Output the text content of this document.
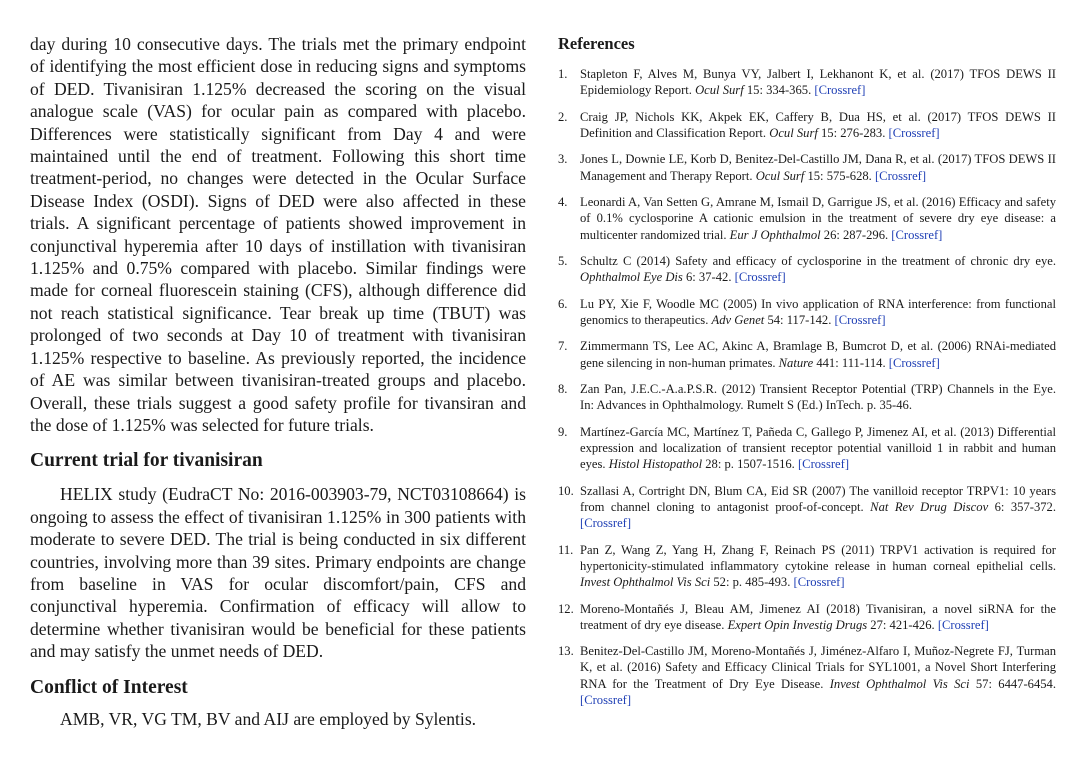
day during 10 consecutive days. The trials met the primary endpoint of identifying the most efficient dose in reducing signs and symptoms of DED. Tivanisiran 1.125% decreased the scoring on the visual analogue scale (VAS) for ocular pain as compared with placebo. Differences were statistically significant from Day 4 and were maintained until the end of treatment. Following this short time treatment-period, no changes were detected in the Ocular Surface Disease Index (OSDI). Signs of DED were also affected in these trials. A significant percentage of patients showed improvement in conjunctival hyperemia after 10 days of instillation with tivanisiran 1.125% and 0.75% compared with placebo. Similar findings were made for corneal fluorescein staining (CFS), although difference did not reach statistical significance. Tear break up time (TBUT) was prolonged of two seconds at Day 10 of treatment with tivanisiran 1.125% respective to baseline. As previously reported, the incidence of AE was similar between tivanisiran-treated groups and placebo. Overall, these trials suggest a good safety profile for tivansiran and the dose of 1.125% was selected for future trials.

Current trial for tivanisiran

HELIX study (EudraCT No: 2016-003903-79, NCT03108664) is ongoing to assess the effect of tivanisiran 1.125% in 300 patients with moderate to severe DED. The trial is being conducted in six different countries, involving more than 39 sites. Primary endpoints are change from baseline in VAS for ocular discomfort/pain, CFS and conjunctival hyperemia. Confirmation of efficacy will allow to determine whether tivanisiran would be beneficial for these patients and may satisfy the unmet needs of DED.

Conflict of Interest

AMB, VR, VG TM, BV and AIJ are employed by Sylentis.

References
1. Stapleton F, Alves M, Bunya VY, Jalbert I, Lekhanont K, et al. (2017) TFOS DEWS II Epidemiology Report. Ocul Surf 15: 334-365. [Crossref]
2. Craig JP, Nichols KK, Akpek EK, Caffery B, Dua HS, et al. (2017) TFOS DEWS II Definition and Classification Report. Ocul Surf 15: 276-283. [Crossref]
3. Jones L, Downie LE, Korb D, Benitez-Del-Castillo JM, Dana R, et al. (2017) TFOS DEWS II Management and Therapy Report. Ocul Surf 15: 575-628. [Crossref]
4. Leonardi A, Van Setten G, Amrane M, Ismail D, Garrigue JS, et al. (2016) Efficacy and safety of 0.1% cyclosporine A cationic emulsion in the treatment of severe dry eye disease: a multicenter randomized trial. Eur J Ophthalmol 26: 287-296. [Crossref]
5. Schultz C (2014) Safety and efficacy of cyclosporine in the treatment of chronic dry eye. Ophthalmol Eye Dis 6: 37-42. [Crossref]
6. Lu PY, Xie F, Woodle MC (2005) In vivo application of RNA interference: from functional genomics to therapeutics. Adv Genet 54: 117-142. [Crossref]
7. Zimmermann TS, Lee AC, Akinc A, Bramlage B, Bumcrot D, et al. (2006) RNAi-mediated gene silencing in non-human primates. Nature 441: 111-114. [Crossref]
8. Zan Pan, J.E.C.-A.a.P.S.R. (2012) Transient Receptor Potential (TRP) Channels in the Eye. In: Advances in Ophthalmology. Rumelt S (Ed.) InTech. p. 35-46.
9. Martínez-García MC, Martínez T, Pañeda C, Gallego P, Jimenez AI, et al. (2013) Differential expression and localization of transient receptor potential vanilloid 1 in rabbit and human eyes. Histol Histopathol 28: p. 1507-1516. [Crossref]
10. Szallasi A, Cortright DN, Blum CA, Eid SR (2007) The vanilloid receptor TRPV1: 10 years from channel cloning to antagonist proof-of-concept. Nat Rev Drug Discov 6: 357-372. [Crossref]
11. Pan Z, Wang Z, Yang H, Zhang F, Reinach PS (2011) TRPV1 activation is required for hypertonicity-stimulated inflammatory cytokine release in human corneal epithelial cells. Invest Ophthalmol Vis Sci 52: p. 485-493. [Crossref]
12. Moreno-Montañés J, Bleau AM, Jimenez AI (2018) Tivanisiran, a novel siRNA for the treatment of dry eye disease. Expert Opin Investig Drugs 27: 421-426. [Crossref]
13. Benitez-Del-Castillo JM, Moreno-Montañés J, Jiménez-Alfaro I, Muñoz-Negrete FJ, Turman K, et al. (2016) Safety and Efficacy Clinical Trials for SYL1001, a Novel Short Interfering RNA for the Treatment of Dry Eye Disease. Invest Ophthalmol Vis Sci 57: 6447-6454. [Crossref]
